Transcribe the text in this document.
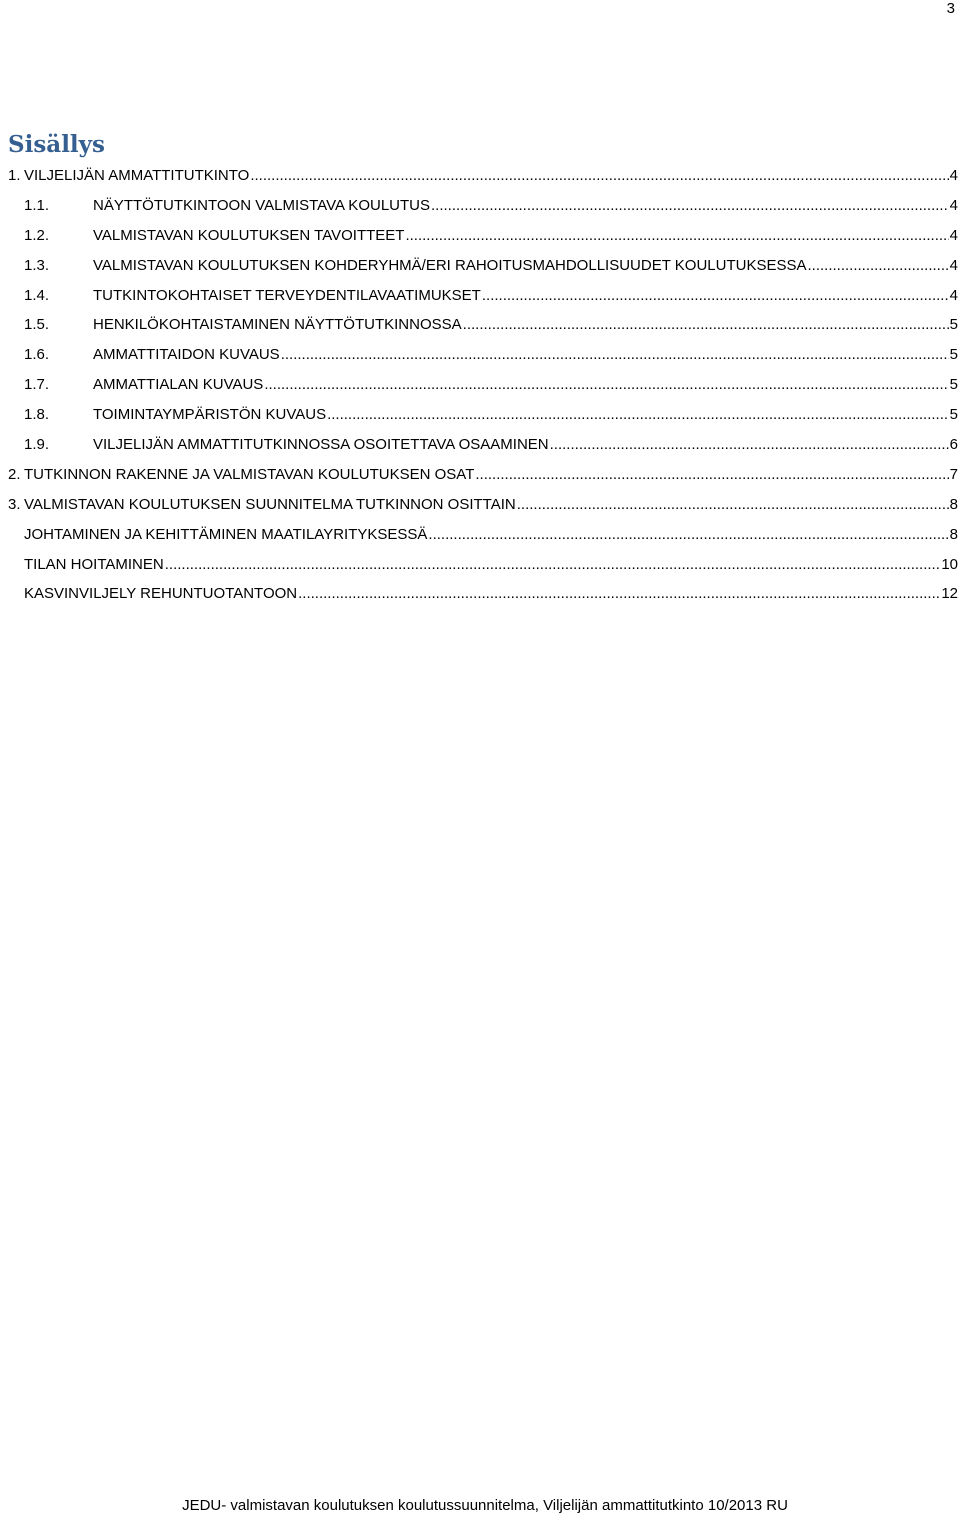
3
Sisällys
1. VILJELIJÄN AMMATTITUTKINTO .....	4
1.1.	NÄYTTÖTUTKINTOON VALMISTAVA KOULUTUS .....	4
1.2.	VALMISTAVAN KOULUTUKSEN TAVOITTEET .....	4
1.3.	VALMISTAVAN KOULUTUKSEN KOHDERYHMÄ/ERI RAHOITUSMAHDOLLISUUDET KOULUTUKSESSA .....	4
1.4.	TUTKINTOKOHTAISET TERVEYDENTILAVAATIMUKSET .....	4
1.5.	HENKILÖKOHTAISTAMINEN NÄYTTÖTUTKINNOSSA .....	5
1.6.	AMMATTITAIDON KUVAUS .....	5
1.7.	AMMATTIALAN KUVAUS .....	5
1.8.	TOIMINTAYMPÄRISTÖN KUVAUS .....	5
1.9.	VILJELIJÄN AMMATTITUTKINNOSSA OSOITETTAVA OSAAMINEN .....	6
2. TUTKINNON RAKENNE JA VALMISTAVAN KOULUTUKSEN OSAT .....	7
3. VALMISTAVAN KOULUTUKSEN SUUNNITELMA TUTKINNON OSITTAIN .....	8
JOHTAMINEN JA KEHITTÄMINEN MAATILAYRITYKSESSÄ .....	8
TILAN HOITAMINEN .....	10
KASVINVILJELY REHUNTUOTANTOON .....	12
JEDU- valmistavan koulutuksen koulutussuunnitelma, Viljelijän ammattitutkinto 10/2013 RU
